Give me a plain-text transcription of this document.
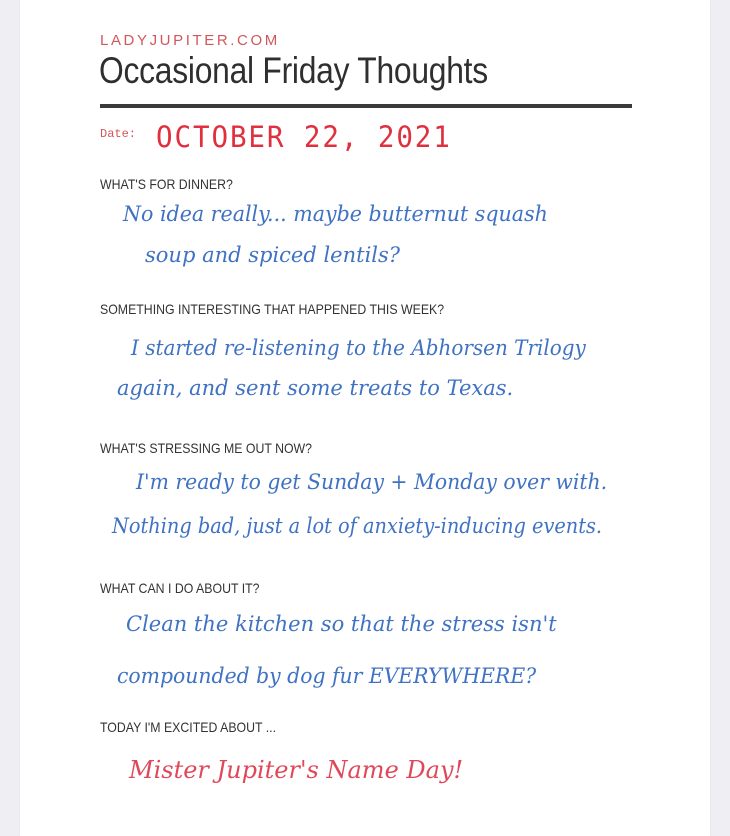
LADYJUPITER.COM
Occasional Friday Thoughts
Date: OCTOBER 22, 2021
WHAT'S FOR DINNER?
No idea really... maybe butternut squash
soup and spiced lentils?
SOMETHING INTERESTING THAT HAPPENED THIS WEEK?
I started re-listening to the Abhorsen Trilogy
again, and sent some treats to Texas.
WHAT'S STRESSING ME OUT NOW?
I'm ready to get Sunday + Monday over with.
Nothing bad, just a lot of anxiety-inducing events.
WHAT CAN I DO ABOUT IT?
Clean the kitchen so that the stress isn't
compounded by dog fur EVERYWHERE?
TODAY I'M EXCITED ABOUT ...
Mister Jupiter's Name Day!
